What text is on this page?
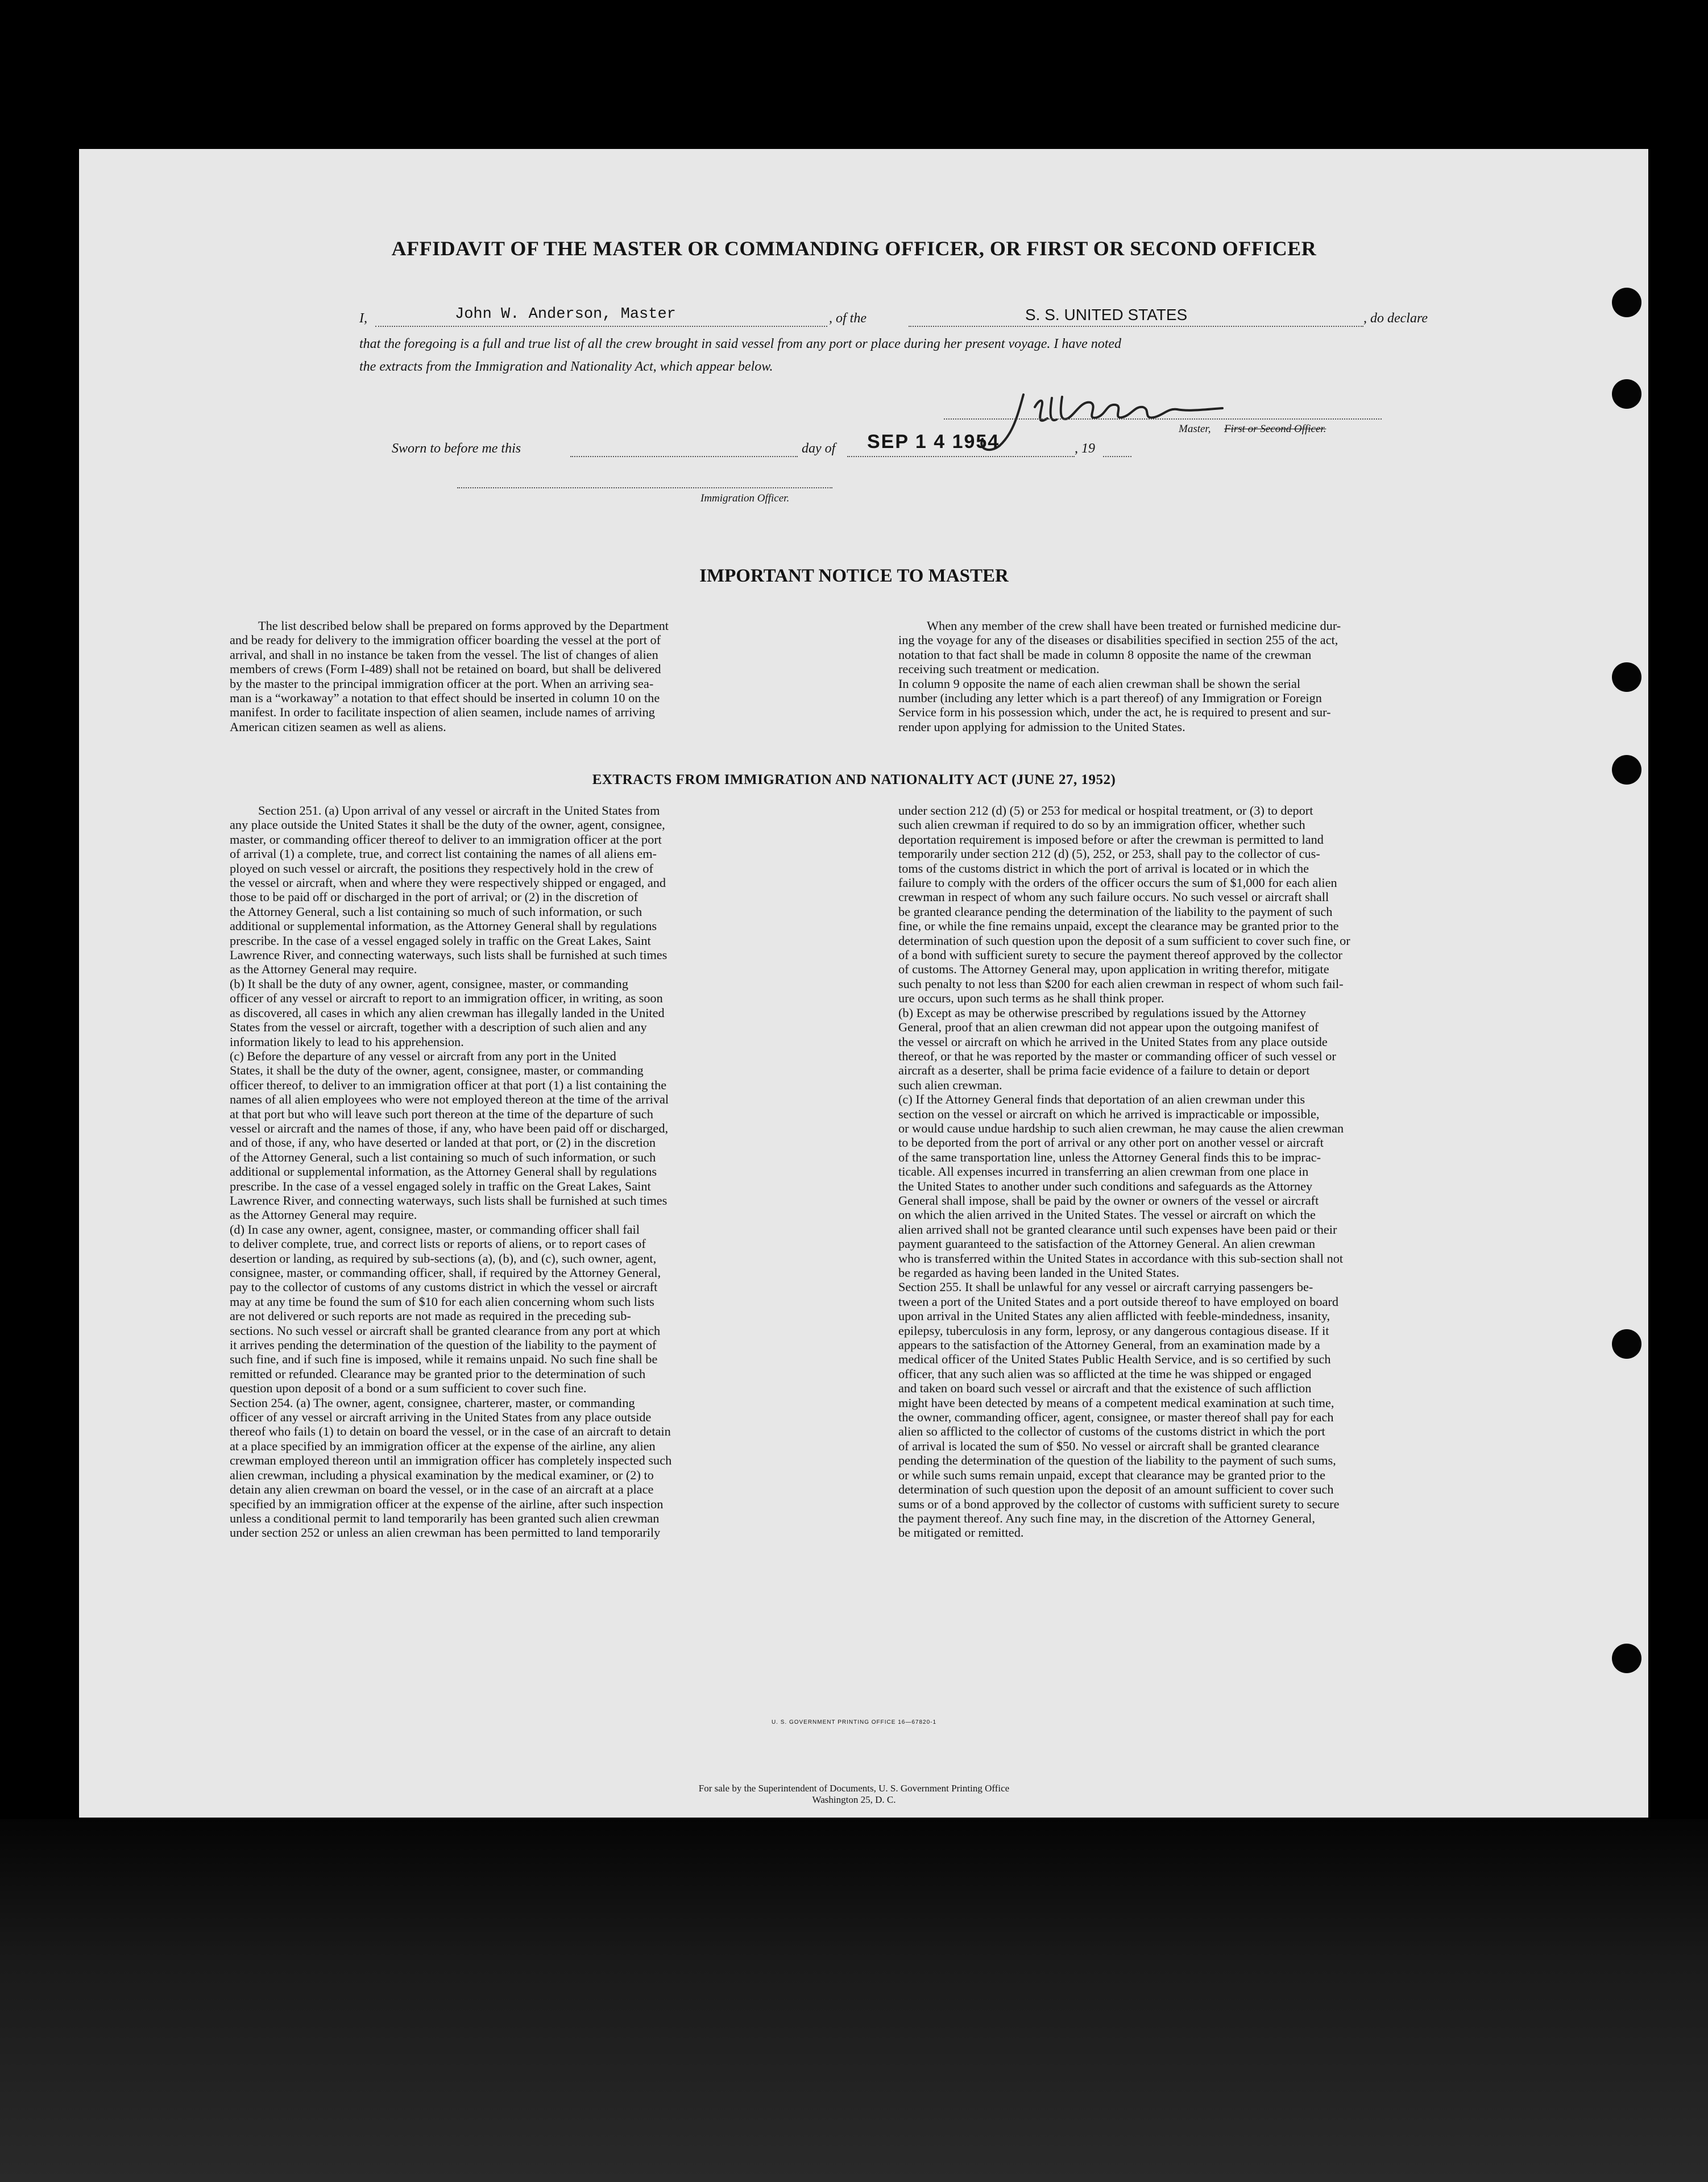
AFFIDAVIT OF THE MASTER OR COMMANDING OFFICER, OR FIRST OR SECOND OFFICER
I,	John W. Anderson, Master	, of the	S. S. UNITED STATES	, do declare
that the foregoing is a full and true list of all the crew brought in said vessel from any port or place during her present voyage. I have noted
the extracts from the Immigration and Nationality Act, which appear below.
Master, First or Second Officer.
Sworn to before me this	day of SEP 1 4 1954	, 19
Immigration Officer.
IMPORTANT NOTICE TO MASTER
The list described below shall be prepared on forms approved by the Department
and be ready for delivery to the immigration officer boarding the vessel at the port of
arrival, and shall in no instance be taken from the vessel. The list of changes of alien
members of crews (Form I-489) shall not be retained on board, but shall be delivered
by the master to the principal immigration officer at the port. When an arriving sea-
man is a “workaway” a notation to that effect should be inserted in column 10 on the
manifest. In order to facilitate inspection of alien seamen, include names of arriving
American citizen seamen as well as aliens.
When any member of the crew shall have been treated or furnished medicine dur-
ing the voyage for any of the diseases or disabilities specified in section 255 of the act,
notation to that fact shall be made in column 8 opposite the name of the crewman
receiving such treatment or medication.
In column 9 opposite the name of each alien crewman shall be shown the serial
number (including any letter which is a part thereof) of any Immigration or Foreign
Service form in his possession which, under the act, he is required to present and sur-
render upon applying for admission to the United States.
EXTRACTS FROM IMMIGRATION AND NATIONALITY ACT (JUNE 27, 1952)
Section 251. (a) Upon arrival of any vessel or aircraft in the United States from
any place outside the United States it shall be the duty of the owner, agent, consignee,
master, or commanding officer thereof to deliver to an immigration officer at the port
of arrival (1) a complete, true, and correct list containing the names of all aliens em-
ployed on such vessel or aircraft, the positions they respectively hold in the crew of
the vessel or aircraft, when and where they were respectively shipped or engaged, and
those to be paid off or discharged in the port of arrival; or (2) in the discretion of
the Attorney General, such a list containing so much of such information, or such
additional or supplemental information, as the Attorney General shall by regulations
prescribe. In the case of a vessel engaged solely in traffic on the Great Lakes, Saint
Lawrence River, and connecting waterways, such lists shall be furnished at such times
as the Attorney General may require.
(b) It shall be the duty of any owner, agent, consignee, master, or commanding
officer of any vessel or aircraft to report to an immigration officer, in writing, as soon
as discovered, all cases in which any alien crewman has illegally landed in the United
States from the vessel or aircraft, together with a description of such alien and any
information likely to lead to his apprehension.
(c) Before the departure of any vessel or aircraft from any port in the United
States, it shall be the duty of the owner, agent, consignee, master, or commanding
officer thereof, to deliver to an immigration officer at that port (1) a list containing the
names of all alien employees who were not employed thereon at the time of the arrival
at that port but who will leave such port thereon at the time of the departure of such
vessel or aircraft and the names of those, if any, who have been paid off or discharged,
and of those, if any, who have deserted or landed at that port, or (2) in the discretion
of the Attorney General, such a list containing so much of such information, or such
additional or supplemental information, as the Attorney General shall by regulations
prescribe. In the case of a vessel engaged solely in traffic on the Great Lakes, Saint
Lawrence River, and connecting waterways, such lists shall be furnished at such times
as the Attorney General may require.
(d) In case any owner, agent, consignee, master, or commanding officer shall fail
to deliver complete, true, and correct lists or reports of aliens, or to report cases of
desertion or landing, as required by sub-sections (a), (b), and (c), such owner, agent,
consignee, master, or commanding officer, shall, if required by the Attorney General,
pay to the collector of customs of any customs district in which the vessel or aircraft
may at any time be found the sum of $10 for each alien concerning whom such lists
are not delivered or such reports are not made as required in the preceding sub-
sections. No such vessel or aircraft shall be granted clearance from any port at which
it arrives pending the determination of the question of the liability to the payment of
such fine, and if such fine is imposed, while it remains unpaid. No such fine shall be
remitted or refunded. Clearance may be granted prior to the determination of such
question upon deposit of a bond or a sum sufficient to cover such fine.
Section 254. (a) The owner, agent, consignee, charterer, master, or commanding
officer of any vessel or aircraft arriving in the United States from any place outside
thereof who fails (1) to detain on board the vessel, or in the case of an aircraft to detain
at a place specified by an immigration officer at the expense of the airline, any alien
crewman employed thereon until an immigration officer has completely inspected such
alien crewman, including a physical examination by the medical examiner, or (2) to
detain any alien crewman on board the vessel, or in the case of an aircraft at a place
specified by an immigration officer at the expense of the airline, after such inspection
unless a conditional permit to land temporarily has been granted such alien crewman
under section 252 or unless an alien crewman has been permitted to land temporarily
under section 212 (d) (5) or 253 for medical or hospital treatment, or (3) to deport
such alien crewman if required to do so by an immigration officer, whether such
deportation requirement is imposed before or after the crewman is permitted to land
temporarily under section 212 (d) (5), 252, or 253, shall pay to the collector of cus-
toms of the customs district in which the port of arrival is located or in which the
failure to comply with the orders of the officer occurs the sum of $1,000 for each alien
crewman in respect of whom any such failure occurs. No such vessel or aircraft shall
be granted clearance pending the determination of the liability to the payment of such
fine, or while the fine remains unpaid, except the clearance may be granted prior to the
determination of such question upon the deposit of a sum sufficient to cover such fine, or
of a bond with sufficient surety to secure the payment thereof approved by the collector
of customs. The Attorney General may, upon application in writing therefor, mitigate
such penalty to not less than $200 for each alien crewman in respect of whom such fail-
ure occurs, upon such terms as he shall think proper.
(b) Except as may be otherwise prescribed by regulations issued by the Attorney
General, proof that an alien crewman did not appear upon the outgoing manifest of
the vessel or aircraft on which he arrived in the United States from any place outside
thereof, or that he was reported by the master or commanding officer of such vessel or
aircraft as a deserter, shall be prima facie evidence of a failure to detain or deport
such alien crewman.
(c) If the Attorney General finds that deportation of an alien crewman under this
section on the vessel or aircraft on which he arrived is impracticable or impossible,
or would cause undue hardship to such alien crewman, he may cause the alien crewman
to be deported from the port of arrival or any other port on another vessel or aircraft
of the same transportation line, unless the Attorney General finds this to be imprac-
ticable. All expenses incurred in transferring an alien crewman from one place in
the United States to another under such conditions and safeguards as the Attorney
General shall impose, shall be paid by the owner or owners of the vessel or aircraft
on which the alien arrived in the United States. The vessel or aircraft on which the
alien arrived shall not be granted clearance until such expenses have been paid or their
payment guaranteed to the satisfaction of the Attorney General. An alien crewman
who is transferred within the United States in accordance with this sub-section shall not
be regarded as having been landed in the United States.
Section 255. It shall be unlawful for any vessel or aircraft carrying passengers be-
tween a port of the United States and a port outside thereof to have employed on board
upon arrival in the United States any alien afflicted with feeble-mindedness, insanity,
epilepsy, tuberculosis in any form, leprosy, or any dangerous contagious disease. If it
appears to the satisfaction of the Attorney General, from an examination made by a
medical officer of the United States Public Health Service, and is so certified by such
officer, that any such alien was so afflicted at the time he was shipped or engaged
and taken on board such vessel or aircraft and that the existence of such affliction
might have been detected by means of a competent medical examination at such time,
the owner, commanding officer, agent, consignee, or master thereof shall pay for each
alien so afflicted to the collector of customs of the customs district in which the port
of arrival is located the sum of $50. No vessel or aircraft shall be granted clearance
pending the determination of the question of the liability to the payment of such sums,
or while such sums remain unpaid, except that clearance may be granted prior to the
determination of such question upon the deposit of an amount sufficient to cover such
sums or of a bond approved by the collector of customs with sufficient surety to secure
the payment thereof. Any such fine may, in the discretion of the Attorney General,
be mitigated or remitted.
U. S. GOVERNMENT PRINTING OFFICE 16—67820-1
For sale by the Superintendent of Documents, U. S. Government Printing Office
Washington 25, D. C.
